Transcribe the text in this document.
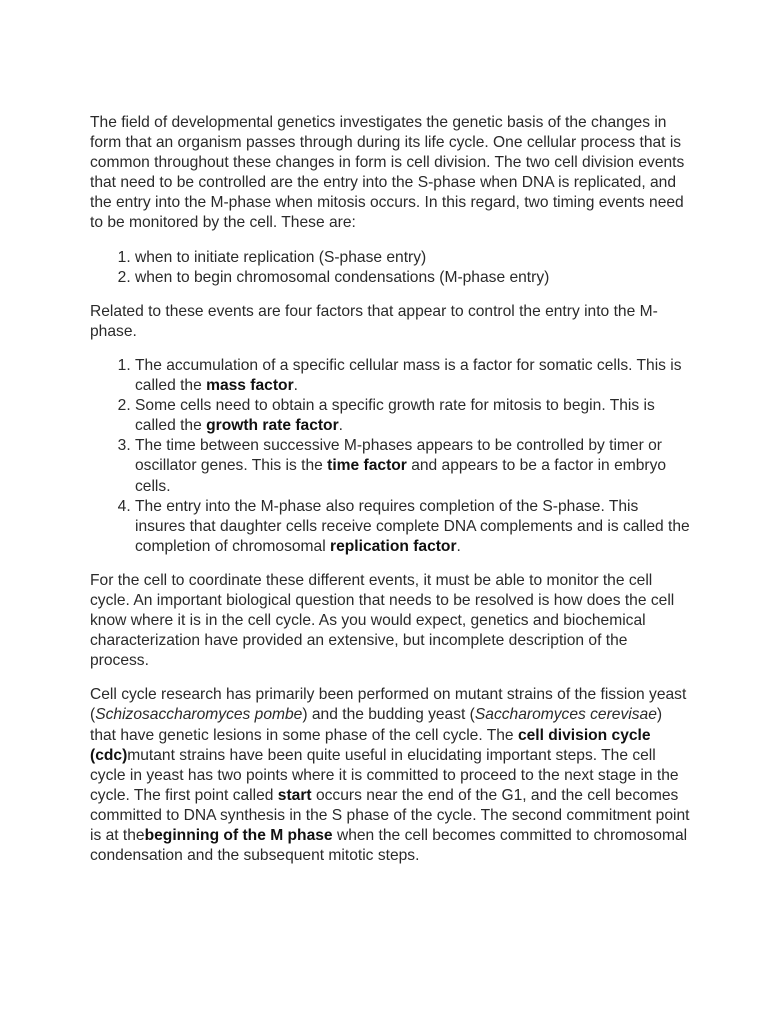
The field of developmental genetics investigates the genetic basis of the changes in form that an organism passes through during its life cycle. One cellular process that is common throughout these changes in form is cell division. The two cell division events that need to be controlled are the entry into the S-phase when DNA is replicated, and the entry into the M-phase when mitosis occurs. In this regard, two timing events need to be monitored by the cell. These are:

1. when to initiate replication (S-phase entry)
2. when to begin chromosomal condensations (M-phase entry)

Related to these events are four factors that appear to control the entry into the M-phase.

1. The accumulation of a specific cellular mass is a factor for somatic cells. This is called the mass factor.
2. Some cells need to obtain a specific growth rate for mitosis to begin. This is called the growth rate factor.
3. The time between successive M-phases appears to be controlled by timer or oscillator genes. This is the time factor and appears to be a factor in embryo cells.
4. The entry into the M-phase also requires completion of the S-phase. This insures that daughter cells receive complete DNA complements and is called the completion of chromosomal replication factor.

For the cell to coordinate these different events, it must be able to monitor the cell cycle. An important biological question that needs to be resolved is how does the cell know where it is in the cell cycle. As you would expect, genetics and biochemical characterization have provided an extensive, but incomplete description of the process.

Cell cycle research has primarily been performed on mutant strains of the fission yeast (Schizosaccharomyces pombe) and the budding yeast (Saccharomyces cerevisae) that have genetic lesions in some phase of the cell cycle. The cell division cycle (cdc)mutant strains have been quite useful in elucidating important steps. The cell cycle in yeast has two points where it is committed to proceed to the next stage in the cycle. The first point called start occurs near the end of the G1, and the cell becomes committed to DNA synthesis in the S phase of the cycle. The second commitment point is at thebeginning of the M phase when the cell becomes committed to chromosomal condensation and the subsequent mitotic steps.
